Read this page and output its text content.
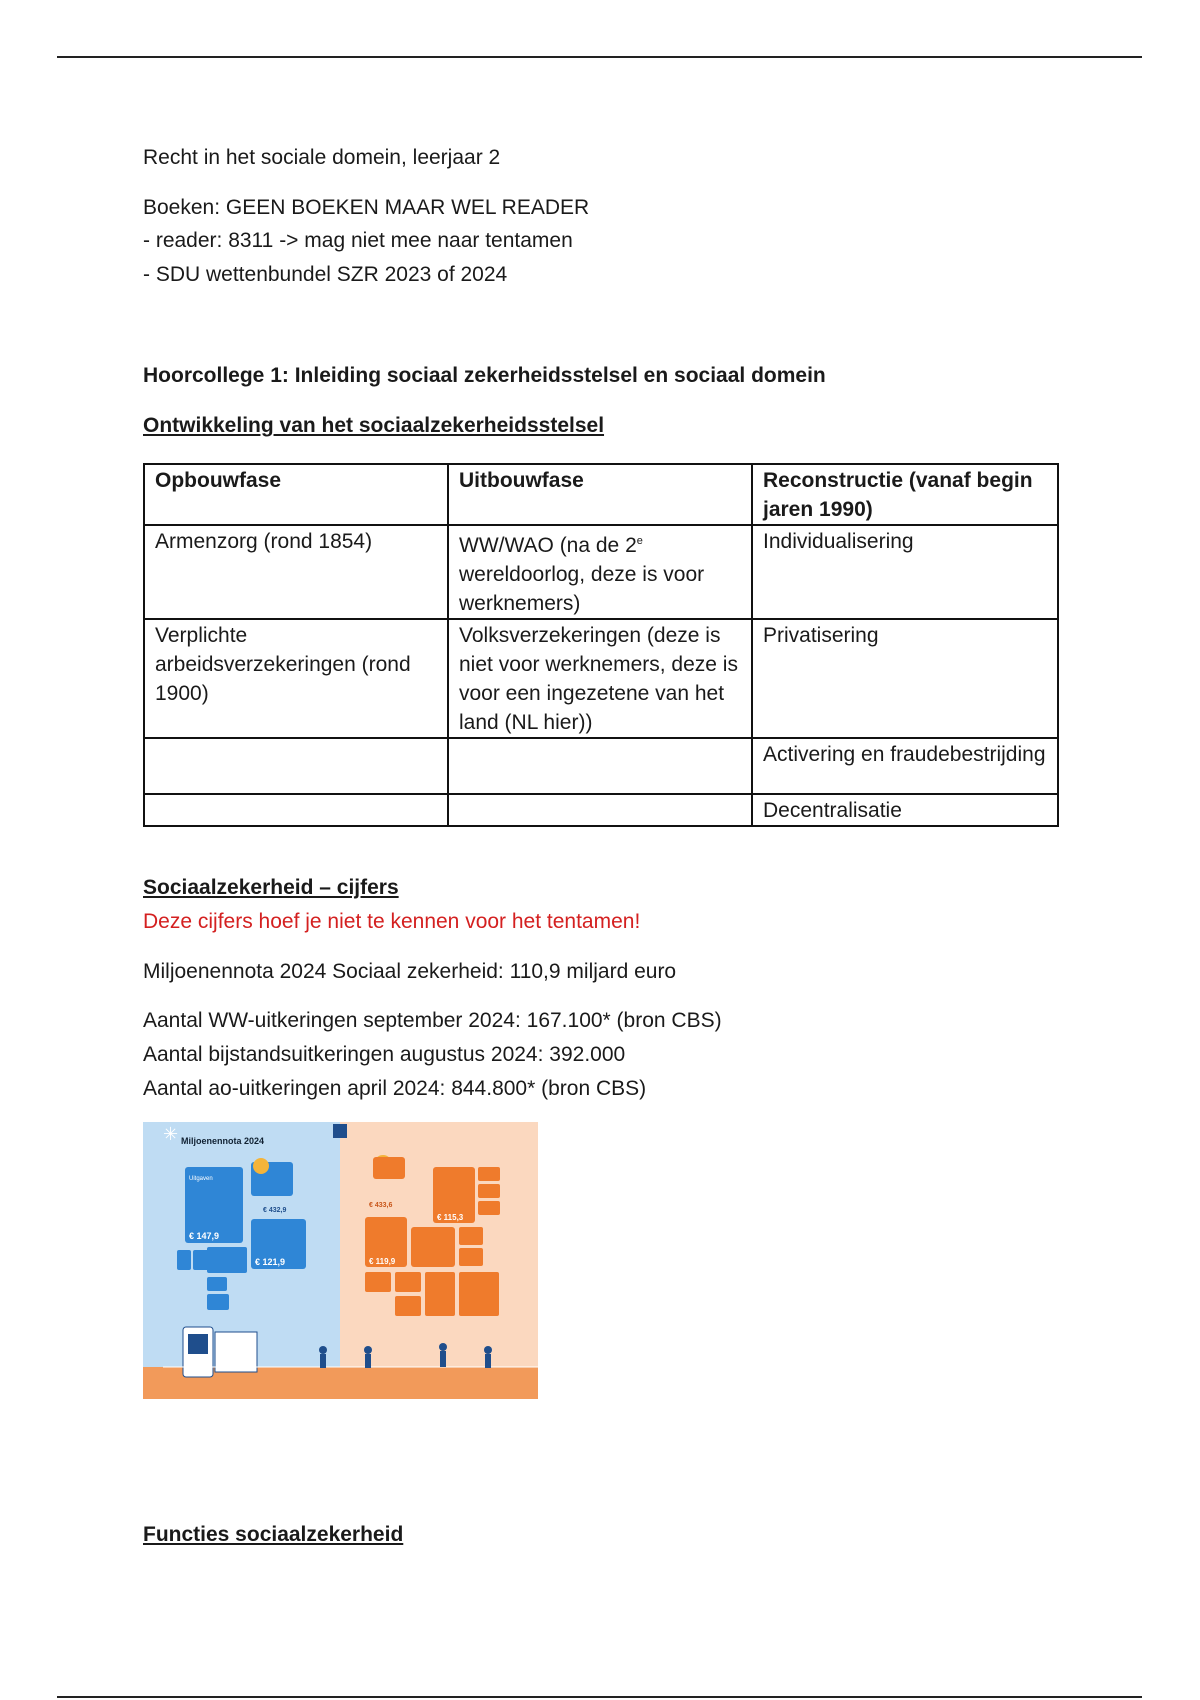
Recht in het sociale domein, leerjaar 2
Boeken: GEEN BOEKEN MAAR WEL READER
- reader: 8311 -> mag niet mee naar tentamen
- SDU wettenbundel SZR 2023 of 2024
Hoorcollege 1: Inleiding sociaal zekerheidsstelsel en sociaal domein
Ontwikkeling van het sociaalzekerheidsstelsel
Opbouwfase	Uitbouwfase	Reconstructie (vanaf begin jaren 1990)
Armenzorg (rond 1854)	WW/WAO (na de 2e wereldoorlog, deze is voor werknemers)	Individualisering
Verplichte arbeidsverzekeringen (rond 1900)	Volksverzekeringen (deze is niet voor werknemers, deze is voor een ingezetene van het land (NL hier))	Privatisering
		Activering en fraudebestrijding
		Decentralisatie
Sociaalzekerheid – cijfers
Deze cijfers hoef je niet te kennen voor het tentamen!
Miljoenennota 2024 Sociaal zekerheid: 110,9 miljard euro
Aantal WW-uitkeringen september 2024: 167.100* (bron CBS)
Aantal bijstandsuitkeringen augustus 2024: 392.000
Aantal ao-uitkeringen april 2024: 844.800* (bron CBS)
Miljoenennota 2024
✳
Uitgaven
€ 147,9
€ 432,9
€ 121,9
€ 433,6
€ 115,3
€ 119,9
Functies sociaalzekerheid
